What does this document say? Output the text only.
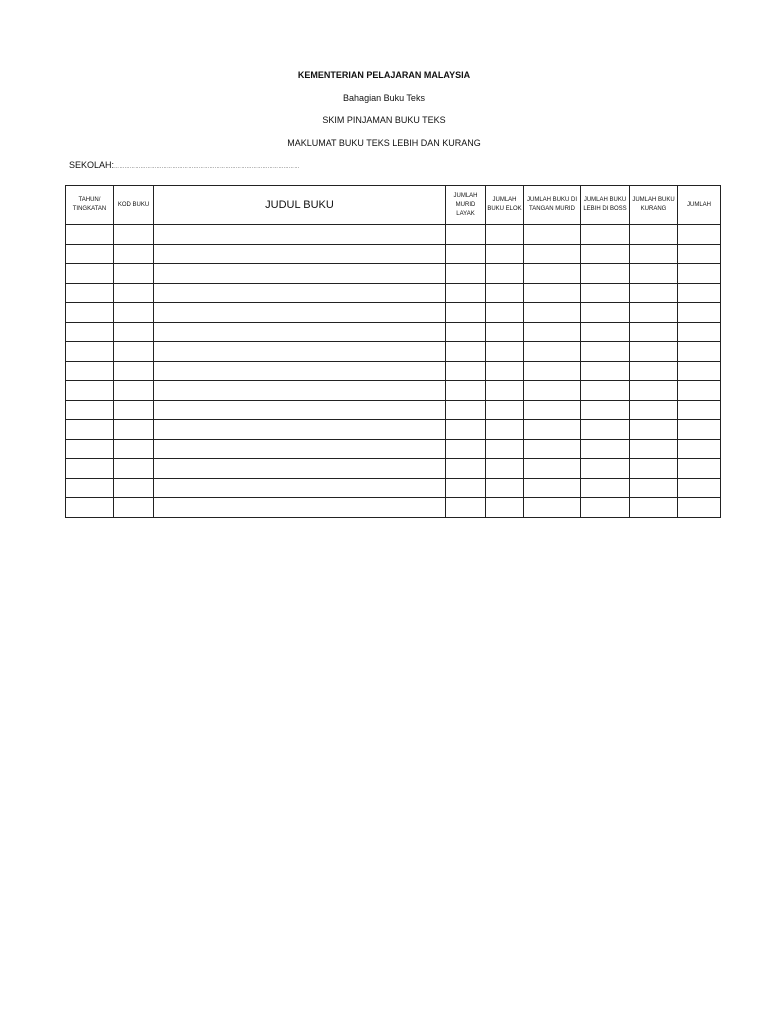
KEMENTERIAN PELAJARAN MALAYSIA
Bahagian Buku Teks
SKIM PINJAMAN BUKU TEKS
MAKLUMAT BUKU TEKS LEBIH DAN KURANG
SEKOLAH:……………………………………………………………………………………………
TAHUN/ TINGKATAN	KOD BUKU	JUDUL BUKU	JUMLAH MURID LAYAK	JUMLAH BUKU ELOK	JUMLAH BUKU DI TANGAN MURID	JUMLAH BUKU LEBIH DI BOSS	JUMLAH BUKU KURANG	JUMLAH
